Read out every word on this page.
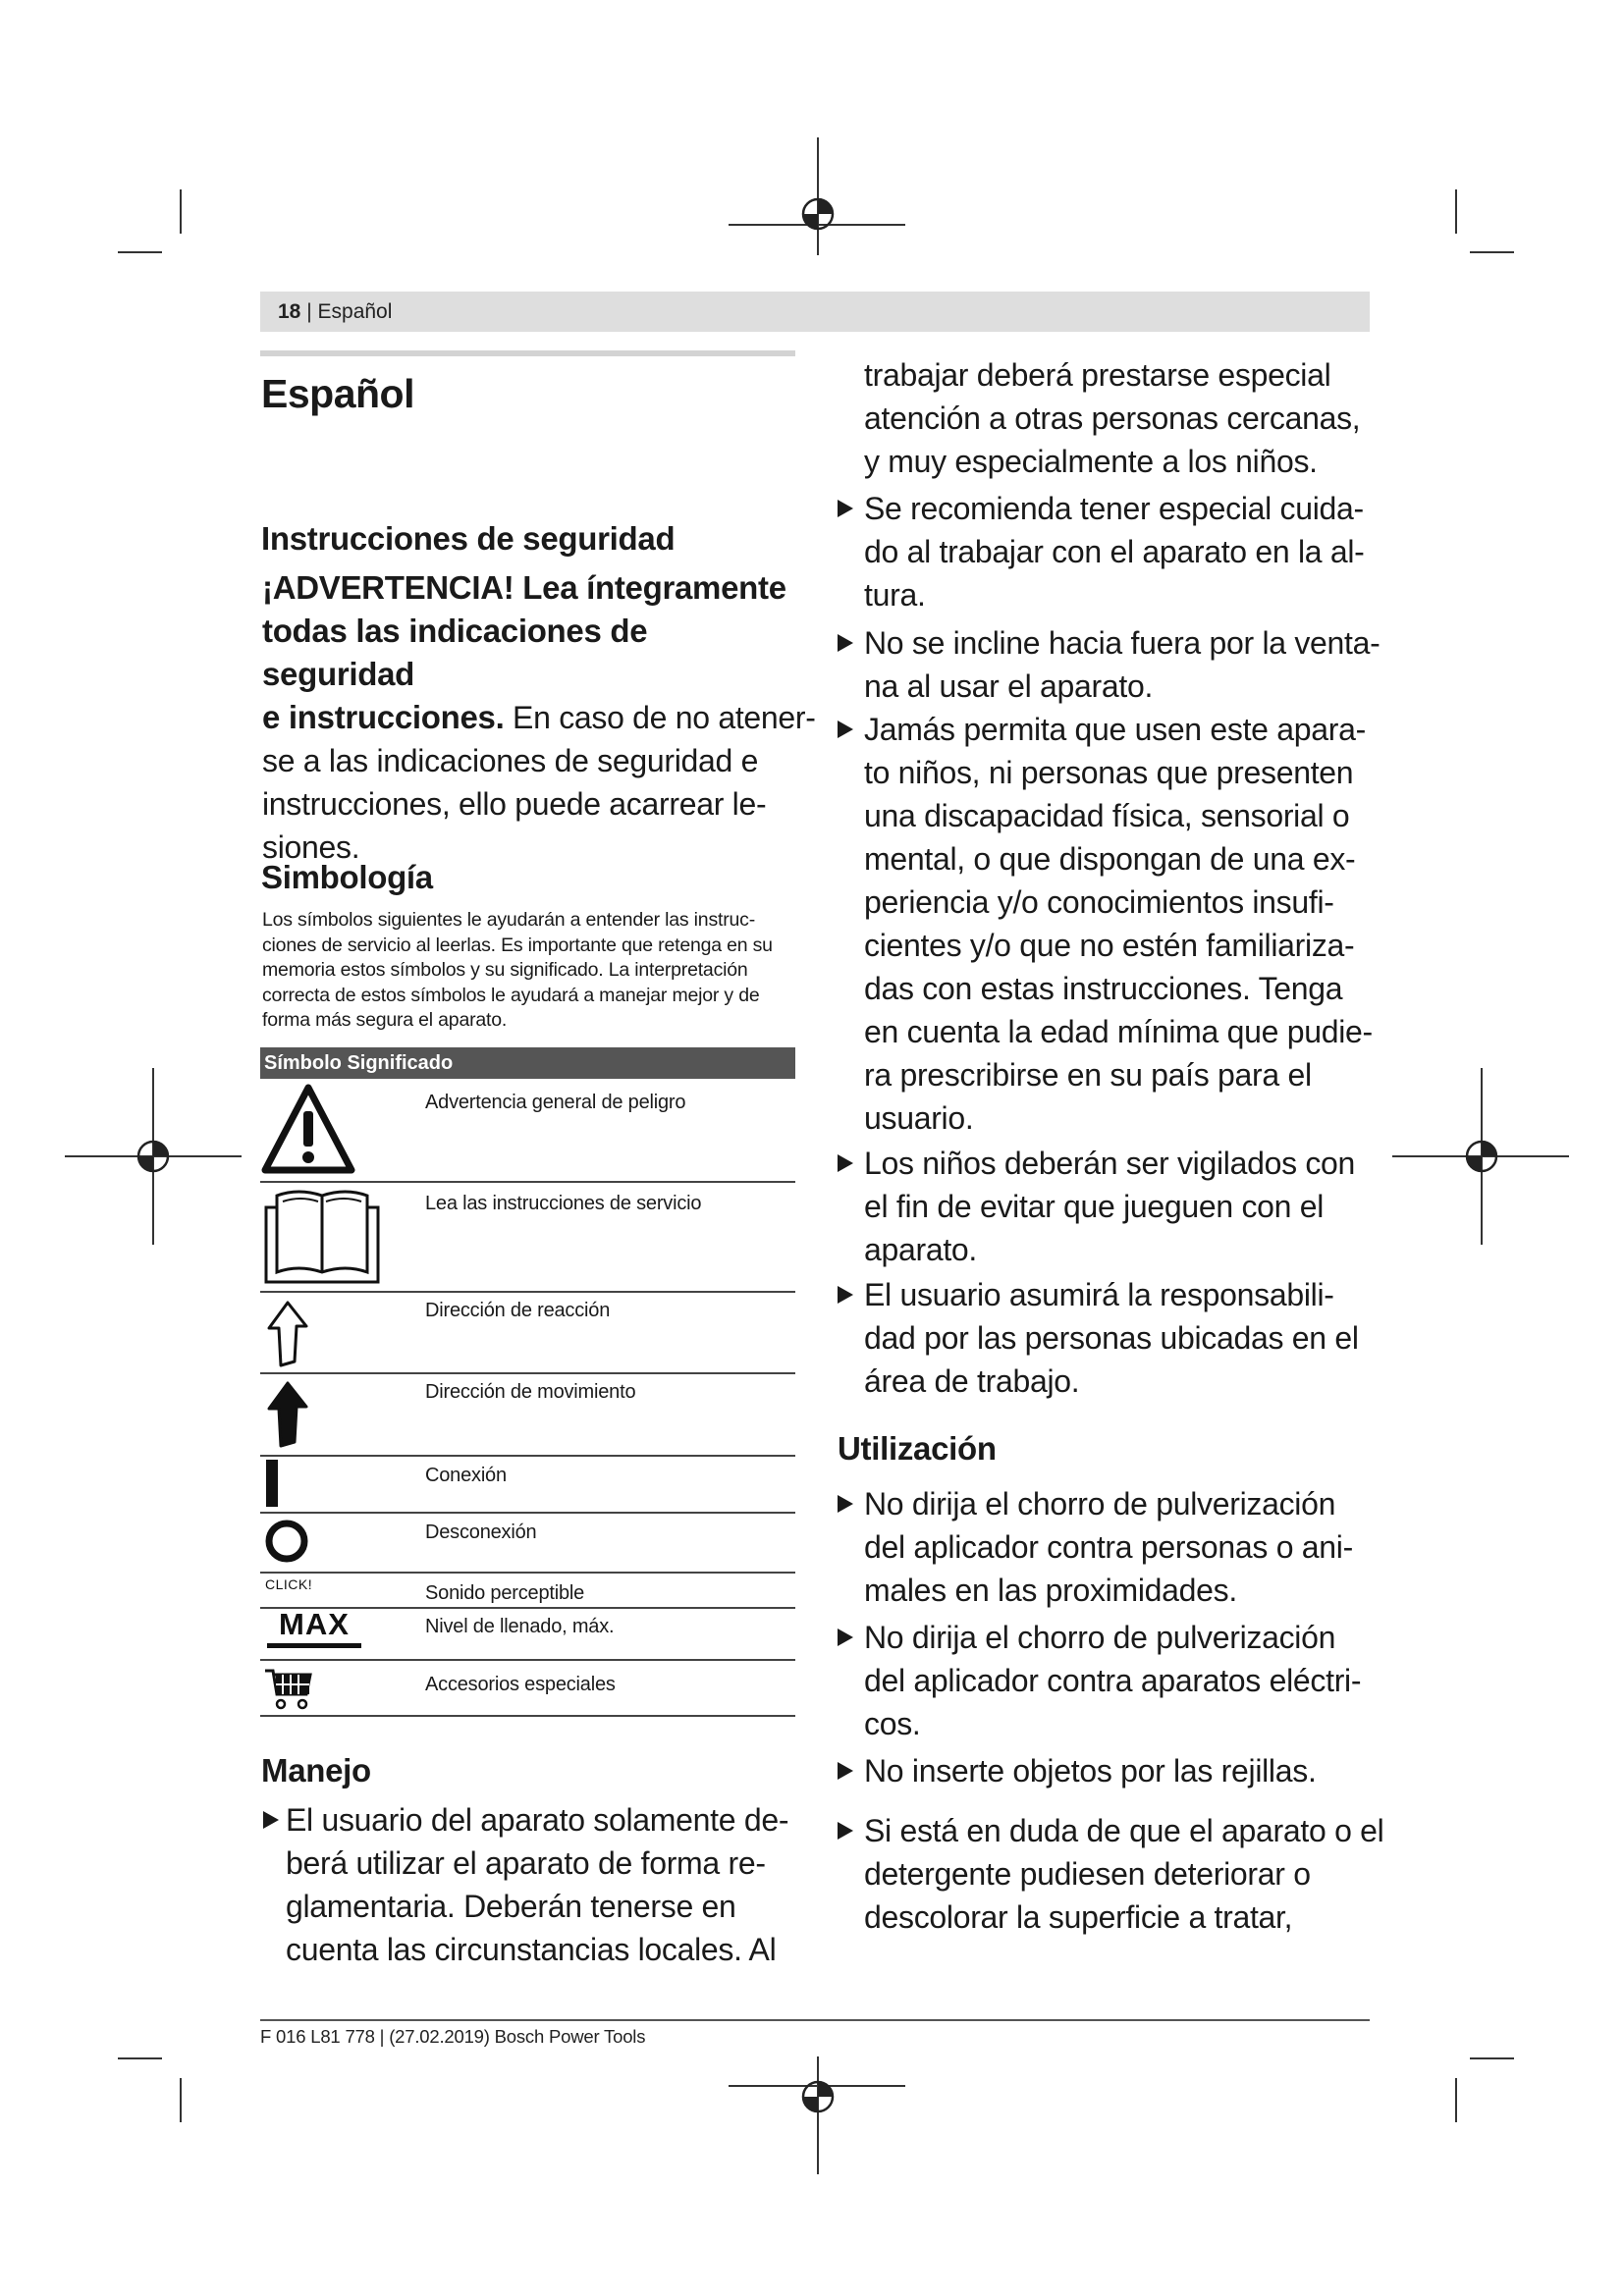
18 | Español
Español
Instrucciones de seguridad
¡ADVERTENCIA! Lea íntegramente
todas las indicaciones de seguridad
e instrucciones. En caso de no atener-
se a las indicaciones de seguridad e
instrucciones, ello puede acarrear le-
siones.
Simbología
Los símbolos siguientes le ayudarán a entender las instruc-
ciones de servicio al leerlas. Es importante que retenga en su
memoria estos símbolos y su significado. La interpretación
correcta de estos símbolos le ayudará a manejar mejor y de
forma más segura el aparato.
Símbolo Significado
Advertencia general de peligro
Lea las instrucciones de servicio
Dirección de reacción
Dirección de movimiento
Conexión
Desconexión
CLICK!	Sonido perceptible
MAX	Nivel de llenado, máx.
Accesorios especiales
Manejo
El usuario del aparato solamente de-
berá utilizar el aparato de forma re-
glamentaria. Deberán tenerse en
cuenta las circunstancias locales. Al
trabajar deberá prestarse especial
atención a otras personas cercanas,
y muy especialmente a los niños.
Se recomienda tener especial cuida-
do al trabajar con el aparato en la al-
tura.
No se incline hacia fuera por la venta-
na al usar el aparato.
Jamás permita que usen este apara-
to niños, ni personas que presenten
una discapacidad física, sensorial o
mental, o que dispongan de una ex-
periencia y/o conocimientos insufi-
cientes y/o que no estén familiariza-
das con estas instrucciones. Tenga
en cuenta la edad mínima que pudie-
ra prescribirse en su país para el
usuario.
Los niños deberán ser vigilados con
el fin de evitar que jueguen con el
aparato.
El usuario asumirá la responsabili-
dad por las personas ubicadas en el
área de trabajo.
Utilización
No dirija el chorro de pulverización
del aplicador contra personas o ani-
males en las proximidades.
No dirija el chorro de pulverización
del aplicador contra aparatos eléctri-
cos.
No inserte objetos por las rejillas.
Si está en duda de que el aparato o el
detergente pudiesen deteriorar o
descolorar la superficie a tratar,
F 016 L81 778 | (27.02.2019) Bosch Power Tools
